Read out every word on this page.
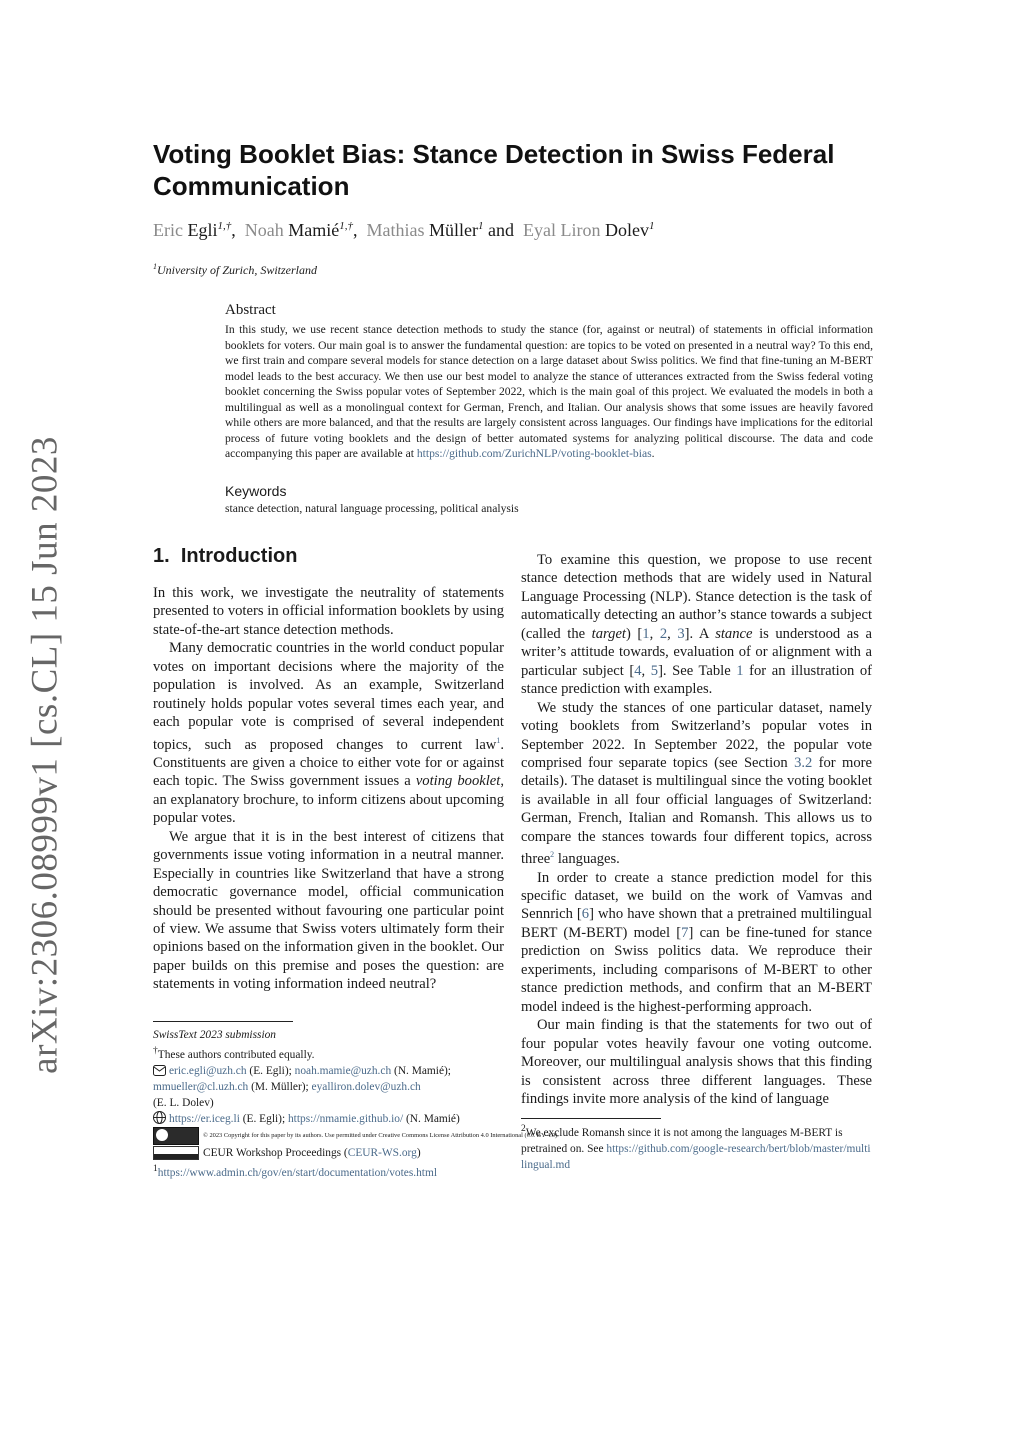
arXiv:2306.08999v1 [cs.CL] 15 Jun 2023
Voting Booklet Bias: Stance Detection in Swiss Federal Communication
Eric Egli$^{1,\dagger}$, Noah Mamié$^{1,\dagger}$, Mathias Müller$^1$ and Eyal Liron Dolev$^1$
$^1$University of Zurich, Switzerland
Abstract
In this study, we use recent stance detection methods to study the stance (for, against or neutral) of statements in official information booklets for voters. Our main goal is to answer the fundamental question: are topics to be voted on presented in a neutral way? To this end, we first train and compare several models for stance detection on a large dataset about Swiss politics. We find that fine-tuning an M-BERT model leads to the best accuracy. We then use our best model to analyze the stance of utterances extracted from the Swiss federal voting booklet concerning the Swiss popular votes of September 2022, which is the main goal of this project. We evaluated the models in both a multilingual as well as a monolingual context for German, French, and Italian. Our analysis shows that some issues are heavily favored while others are more balanced, and that the results are largely consistent across languages. Our findings have implications for the editorial process of future voting booklets and the design of better automated systems for analyzing political discourse. The data and code accompanying this paper are available at https://github.com/ZurichNLP/voting-booklet-bias.
Keywords
stance detection, natural language processing, political analysis
1. Introduction

In this work, we investigate the neutrality of statements presented to voters in official information booklets by using state-of-the-art stance detection methods.

Many democratic countries in the world conduct popular votes on important decisions where the majority of the population is involved. As an example, Switzerland routinely holds popular votes several times each year, and each popular vote is comprised of several independent topics, such as proposed changes to current law$^1$. Constituents are given a choice to either vote for or against each topic. The Swiss government issues a voting booklet, an explanatory brochure, to inform citizens about upcoming popular votes.

We argue that it is in the best interest of citizens that governments issue voting information in a neutral manner. Especially in countries like Switzerland that have a strong democratic governance model, official communication should be presented without favouring one particular point of view. We assume that Swiss voters ultimately form their opinions based on the information given in the booklet. Our paper builds on this premise and poses the question: are statements in voting information indeed neutral?

To examine this question, we propose to use recent stance detection methods that are widely used in Natural Language Processing (NLP). Stance detection is the task of automatically detecting an author’s stance towards a subject (called the target) [1, 2, 3]. A stance is understood as a writer’s attitude towards, evaluation of or alignment with a particular subject [4, 5]. See Table 1 for an illustration of stance prediction with examples.

We study the stances of one particular dataset, namely voting booklets from Switzerland’s popular votes in September 2022. In September 2022, the popular vote comprised four separate topics (see Section 3.2 for more details). The dataset is multilingual since the voting booklet is available in all four official languages of Switzerland: German, French, Italian and Romansh. This allows us to compare the stances towards four different topics, across three$^2$ languages.

In order to create a stance prediction model for this specific dataset, we build on the work of Vamvas and Sennrich [6] who have shown that a pretrained multilingual BERT (M-BERT) model [7] can be fine-tuned for stance prediction on Swiss politics data. We reproduce their experiments, including comparisons of M-BERT to other stance prediction methods, and confirm that an M-BERT model indeed is the highest-performing approach.

Our main finding is that the statements for two out of four popular votes heavily favour one voting outcome. Moreover, our multilingual analysis shows that this finding is consistent across three different languages. These findings invite more analysis of the kind of language

SwissText 2023 submission
†These authors contributed equally.
eric.egli@uzh.ch (E. Egli); noah.mamie@uzh.ch (N. Mamié);
mmueller@cl.uzh.ch (M. Müller); eyalliron.dolev@uzh.ch
(E. L. Dolev)
https://er.iceg.li (E. Egli); https://nmamie.github.io/ (N. Mamié)
© 2023 Copyright for this paper by its authors. Use permitted under Creative Commons License Attribution 4.0 International (CC BY 4.0).
CEUR Workshop Proceedings (CEUR-WS.org)
$^1$https://www.admin.ch/gov/en/start/documentation/votes.html
$^2$We exclude Romansh since it is not among the languages M-BERT is pretrained on. See https://github.com/google-research/bert/blob/master/multilingual.md
